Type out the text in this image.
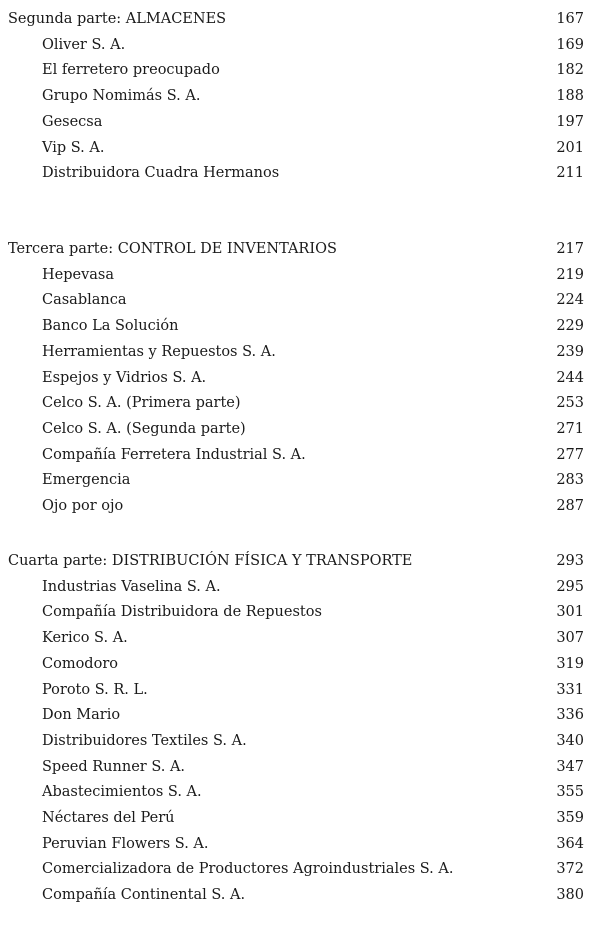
Segunda parte: ALMACENES	167
Oliver S. A.	169
El ferretero preocupado	182
Grupo Nomimás S. A.	188
Gesecsa	197
Vip S. A.	201
Distribuidora Cuadra Hermanos	211
Tercera parte: CONTROL DE INVENTARIOS	217
Hepevasa	219
Casablanca	224
Banco La Solución	229
Herramientas y Repuestos S. A.	239
Espejos y Vidrios S. A.	244
Celco S. A. (Primera parte)	253
Celco S. A. (Segunda parte)	271
Compañía Ferretera Industrial S. A.	277
Emergencia	283
Ojo por ojo	287
Cuarta parte: DISTRIBUCIÓN FÍSICA Y TRANSPORTE	293
Industrias Vaselina S. A.	295
Compañía Distribuidora de Repuestos	301
Kerico S. A.	307
Comodoro	319
Poroto S. R. L.	331
Don Mario	336
Distribuidores Textiles S. A.	340
Speed Runner S. A.	347
Abastecimientos S. A.	355
Néctares del Perú	359
Peruvian Flowers S. A.	364
Comercializadora de Productores Agroindustriales S. A.	372
Compañía Continental S. A.	380
